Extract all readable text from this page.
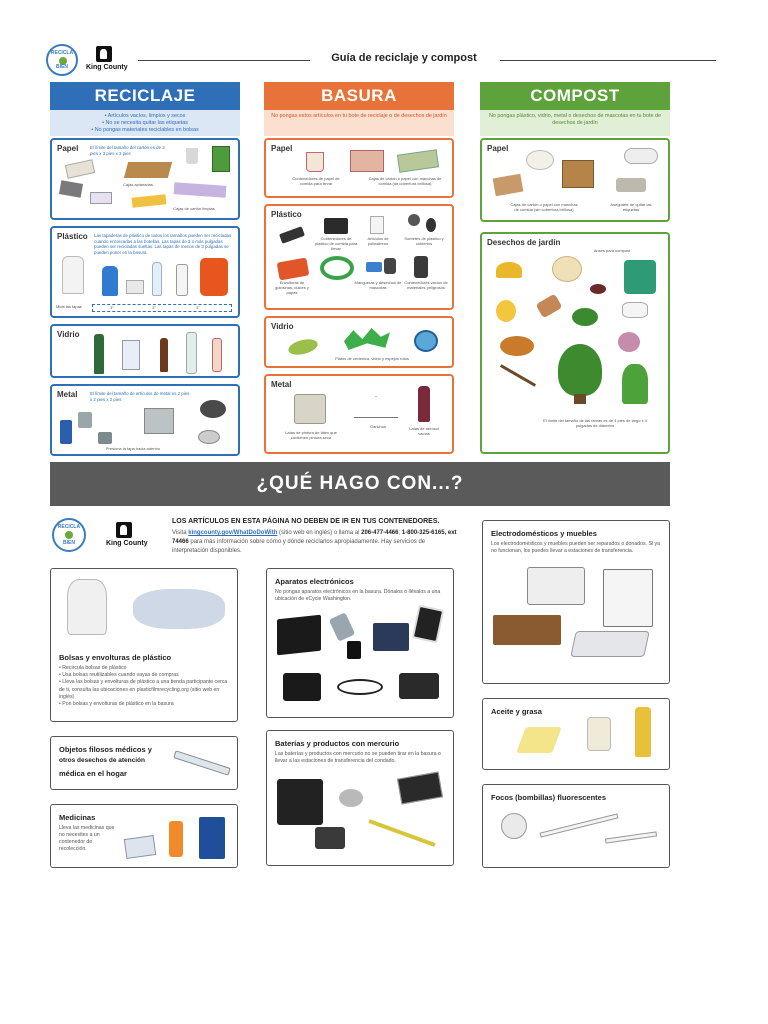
RECICLA
BIEN	King County
Guía de reciclaje y compost
RECICLAJE
• Artículos vacíos, limpios y secos
• No se necesita quitar las etiquetas
• No pongas materiales reciclables en bolsas
Papel	El límite del tamaño del cartón es de 3 pies x 3 pies x 3 pies
Cajas aplanadas
Cajas de cartón limpias
Plástico Las tapaderas de plástico de todos los tamaños pueden ser recicladas cuando enroscadas a las botellas. Las tapas de 3 o más pulgadas pueden ser recicladas sueltas. Las tapas de menos de 3 pulgadas se pueden poner en la basura.
Mide las tapas	3"	3"	3"
Vidrio
Metal	El límite del tamaño de artículos de metal es 2 pies x 2 pies x 2 pies
Presiona la tapa hacia adentro
BASURA
No pongas estos artículos en tu bote de reciclaje o de desechos de jardín
Papel
Contenedores de papel de comida para llevar
Cajas de cartón o papel con manchas de comida (de cobertura brillosa)
Plástico
Contenedores de plástico de comida para llevar
Artículos de poliestireno
Sorbetes de plástico y cubiertos
Envolturas de golosinas, dulces y papas
Mangueras y desechos de mascotas
Contenedores vacíos de materiales peligrosos
Vidrio
Platos de cerámica, vidrio y espejos rotos
Metal
Latas de pintura de látex que contienen pintura seca
Ganchos	Latas de aerosol vacías
COMPOST
No pongas plástico, vidrio, metal o desechos de mascotas en tu bote de desechos de jardín
Papel
Cajas de cartón o papel con manchas de comida (sin cobertura brillosa)
Aseguarte de quitar las etiquetas
Desechos de jardín
Anses para compost
El límite del tamaño de las ramas es de 4 pies de largo x 4 pulgadas de diámetro
¿QUÉ HAGO CON...?
RECICLA
BIEN	King County
LOS ARTÍCULOS EN ESTA PÁGINA NO DEBEN DE IR EN TUS CONTENEDORES.
Visita kingcounty.gov/WhatDoDoWith (sitio web en inglés) o llama al 206-477-4466; 1-800-325-6165, ext 74466 para más información sobre cómo y dónde reciclarlos apropiadamente. Hay servicios de interpretación disponibles.
Bolsas y envolturas de plástico
• Recircula bolsas de plástico
• Usa bolsas reutilizables cuando vayas de compras
• Lleva las bolsas y envolturas de plástico a una tienda participante cerca de ti, consulta las ubicaciones en plasticfilmrecycling.org (sitio web en inglés)
• Pon bolsas y envolturas de plástico en la basura
Objetos filosos médicos y
otros desechos de atención
médica en el hogar
Medicinas
Lleva las medicinas que no necesites a un contenedor de recolección.
Aparatos electrónicos
No pongas aparatos electrónicos en la basura. Dónalos o llévalos a una ubicación de eCycle Washington.
Baterías y productos con mercurio
Las baterías y productos con mercurio no se pueden tirar en la basura o llevar a las estaciones de transferencia del condado.
Electrodomésticos y muebles
Los electrodomésticos y muebles pueden ser reparados o donados. Si ya no funcionan, los puedes llevar a estaciones de transferencia.
Aceite y grasa
Focos (bombillas) fluorescentes
